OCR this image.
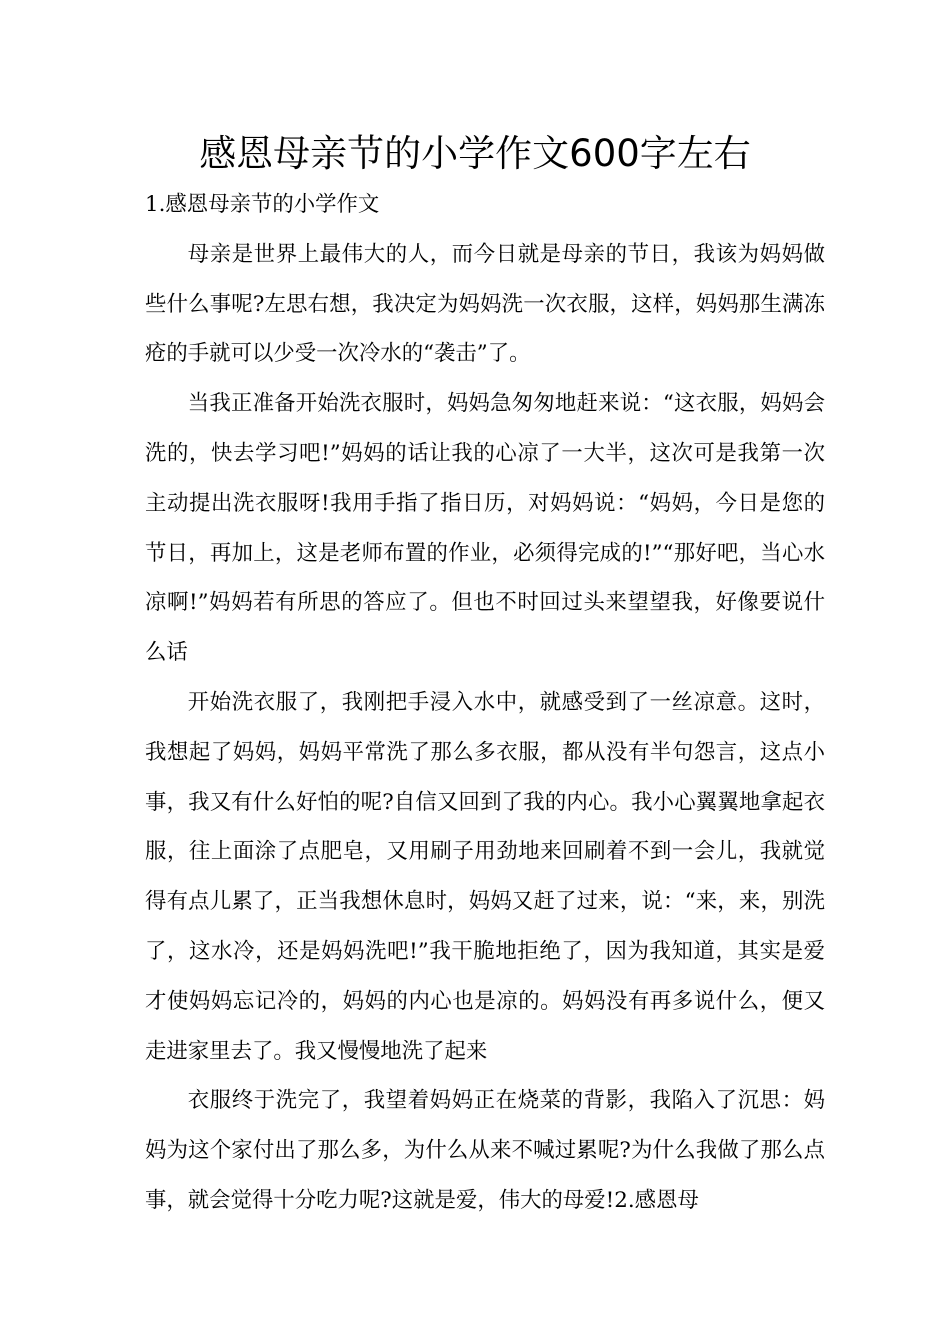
感恩母亲节的小学作文600字左右

1.感恩母亲节的小学作文

母亲是世界上最伟大的人，而今日就是母亲的节日，我该为妈妈做些什么事呢?左思右想，我决定为妈妈洗一次衣服，这样，妈妈那生满冻疮的手就可以少受一次冷水的“袭击”了。

当我正准备开始洗衣服时，妈妈急匆匆地赶来说：“这衣服，妈妈会洗的，快去学习吧!”妈妈的话让我的心凉了一大半，这次可是我第一次主动提出洗衣服呀!我用手指了指日历，对妈妈说：“妈妈，今日是您的节日，再加上，这是老师布置的作业，必须得完成的!”“那好吧，当心水凉啊!”妈妈若有所思的答应了。但也不时回过头来望望我，好像要说什么话

开始洗衣服了，我刚把手浸入水中，就感受到了一丝凉意。这时，我想起了妈妈，妈妈平常洗了那么多衣服，都从没有半句怨言，这点小事，我又有什么好怕的呢?自信又回到了我的内心。我小心翼翼地拿起衣服，往上面涂了点肥皂，又用刷子用劲地来回刷着不到一会儿，我就觉得有点儿累了，正当我想休息时，妈妈又赶了过来，说：“来，来，别洗了，这水冷，还是妈妈洗吧!”我干脆地拒绝了，因为我知道，其实是爱才使妈妈忘记冷的，妈妈的内心也是凉的。妈妈没有再多说什么，便又走进家里去了。我又慢慢地洗了起来

衣服终于洗完了，我望着妈妈正在烧菜的背影，我陷入了沉思：妈妈为这个家付出了那么多，为什么从来不喊过累呢?为什么我做了那么点事，就会觉得十分吃力呢?这就是爱，伟大的母爱!2.感恩母
